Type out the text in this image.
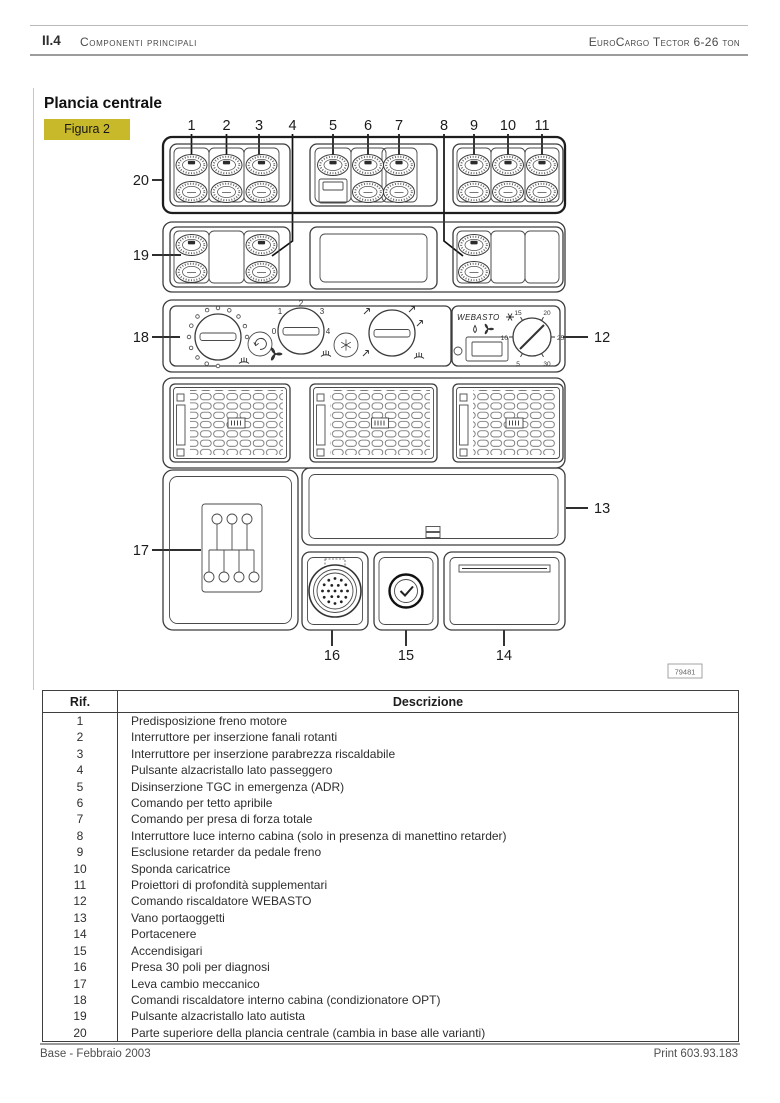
II.4 Componenti principali	EuroCargo Tector 6-26 ton
Plancia centrale
Figura 2	1 2 3 4 5 6 7	8 9 10 11
20
19
18
17
12
13
16	15	14
0
1
2
3
4
WEBASTO 15	20
25
30
5
10
79481
Rif.	Descrizione
1	Predisposizione freno motore
2	Interruttore per inserzione fanali rotanti
3	Interruttore per inserzione parabrezza riscaldabile
4	Pulsante alzacristallo lato passeggero
5	Disinserzione TGC in emergenza (ADR)
6	Comando per tetto apribile
7	Comando per presa di forza totale
8	Interruttore luce interno cabina (solo in presenza di manettino retarder)
9	Esclusione retarder da pedale freno
10	Sponda caricatrice
11	Proiettori di profondità supplementari
12	Comando riscaldatore WEBASTO
13	Vano portaoggetti
14	Portacenere
15	Accendisigari
16	Presa 30 poli per diagnosi
17	Leva cambio meccanico
18	Comandi riscaldatore interno cabina (condizionatore OPT)
19	Pulsante alzacristallo lato autista
20	Parte superiore della plancia centrale (cambia in base alle varianti)
Base - Febbraio 2003	Print 603.93.183
